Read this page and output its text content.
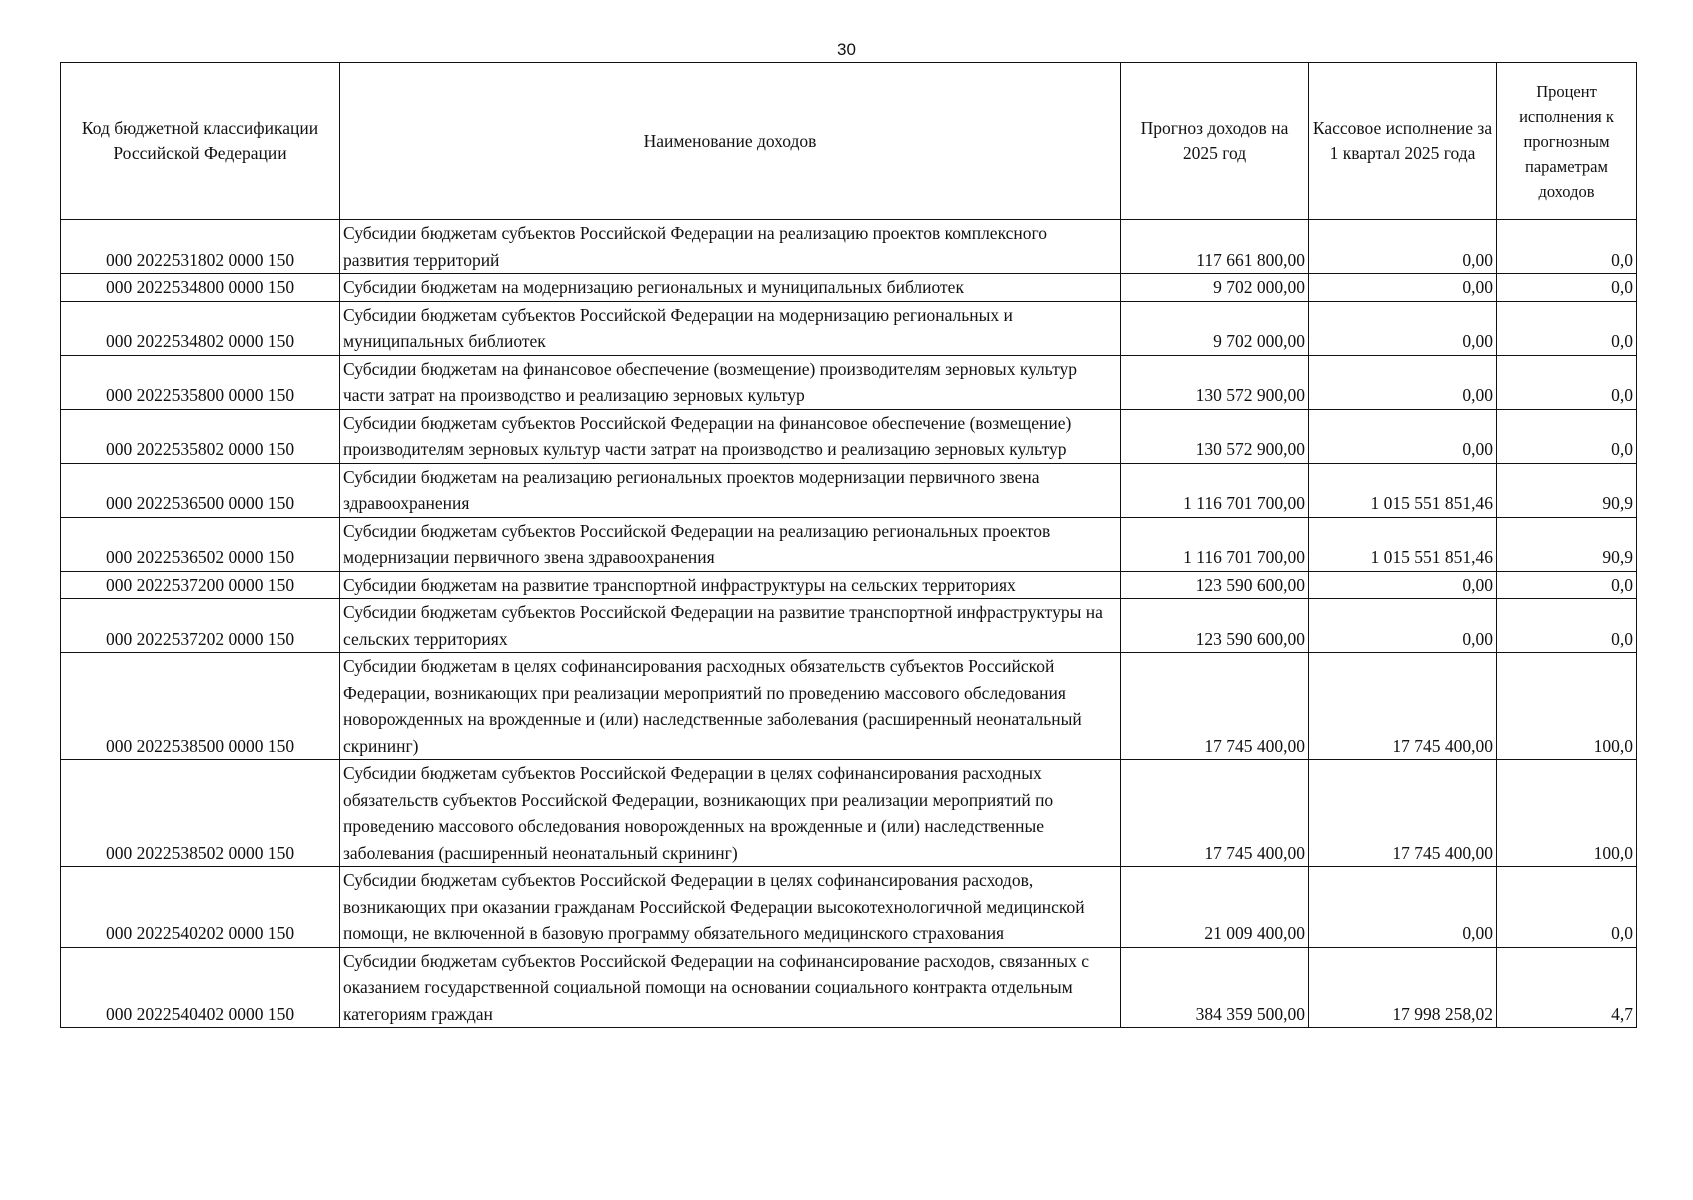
30
Код бюджетной классификации Российской Федерации	Наименование доходов	Прогноз доходов на 2025 год	Кассовое исполнение за 1 квартал 2025 года	Процент исполнения к прогнозным параметрам доходов
000 2022531802 0000 150	Субсидии бюджетам субъектов Российской Федерации на реализацию проектов комплексного развития территорий	117 661 800,00	0,00	0,0
000 2022534800 0000 150	Субсидии бюджетам на модернизацию региональных и муниципальных библиотек	9 702 000,00	0,00	0,0
000 2022534802 0000 150	Субсидии бюджетам субъектов Российской Федерации на модернизацию региональных и муниципальных библиотек	9 702 000,00	0,00	0,0
000 2022535800 0000 150	Субсидии бюджетам на финансовое обеспечение (возмещение) производителям зерновых культур части затрат на производство и реализацию зерновых культур	130 572 900,00	0,00	0,0
000 2022535802 0000 150	Субсидии бюджетам субъектов Российской Федерации на финансовое обеспечение (возмещение) производителям зерновых культур части затрат на производство и реализацию зерновых культур	130 572 900,00	0,00	0,0
000 2022536500 0000 150	Субсидии бюджетам на реализацию региональных проектов модернизации первичного звена здравоохранения	1 116 701 700,00	1 015 551 851,46	90,9
000 2022536502 0000 150	Субсидии бюджетам субъектов Российской Федерации на реализацию региональных проектов модернизации первичного звена здравоохранения	1 116 701 700,00	1 015 551 851,46	90,9
000 2022537200 0000 150	Субсидии бюджетам на развитие транспортной инфраструктуры на сельских территориях	123 590 600,00	0,00	0,0
000 2022537202 0000 150	Субсидии бюджетам субъектов Российской Федерации на развитие транспортной инфраструктуры на сельских территориях	123 590 600,00	0,00	0,0
000 2022538500 0000 150	Субсидии бюджетам в целях софинансирования расходных обязательств субъектов Российской Федерации, возникающих при реализации мероприятий по проведению массового обследования новорожденных на врожденные и (или) наследственные заболевания (расширенный неонатальный скрининг)	17 745 400,00	17 745 400,00	100,0
000 2022538502 0000 150	Субсидии бюджетам субъектов Российской Федерации в целях софинансирования расходных обязательств субъектов Российской Федерации, возникающих при реализации мероприятий по проведению массового обследования новорожденных на врожденные и (или) наследственные заболевания (расширенный неонатальный скрининг)	17 745 400,00	17 745 400,00	100,0
000 2022540202 0000 150	Субсидии бюджетам субъектов Российской Федерации в целях софинансирования расходов, возникающих при оказании гражданам Российской Федерации высокотехнологичной медицинской помощи, не включенной в базовую программу обязательного медицинского страхования	21 009 400,00	0,00	0,0
000 2022540402 0000 150	Субсидии бюджетам субъектов Российской Федерации на софинансирование расходов, связанных с оказанием государственной социальной помощи на основании социального контракта отдельным категориям граждан	384 359 500,00	17 998 258,02	4,7
